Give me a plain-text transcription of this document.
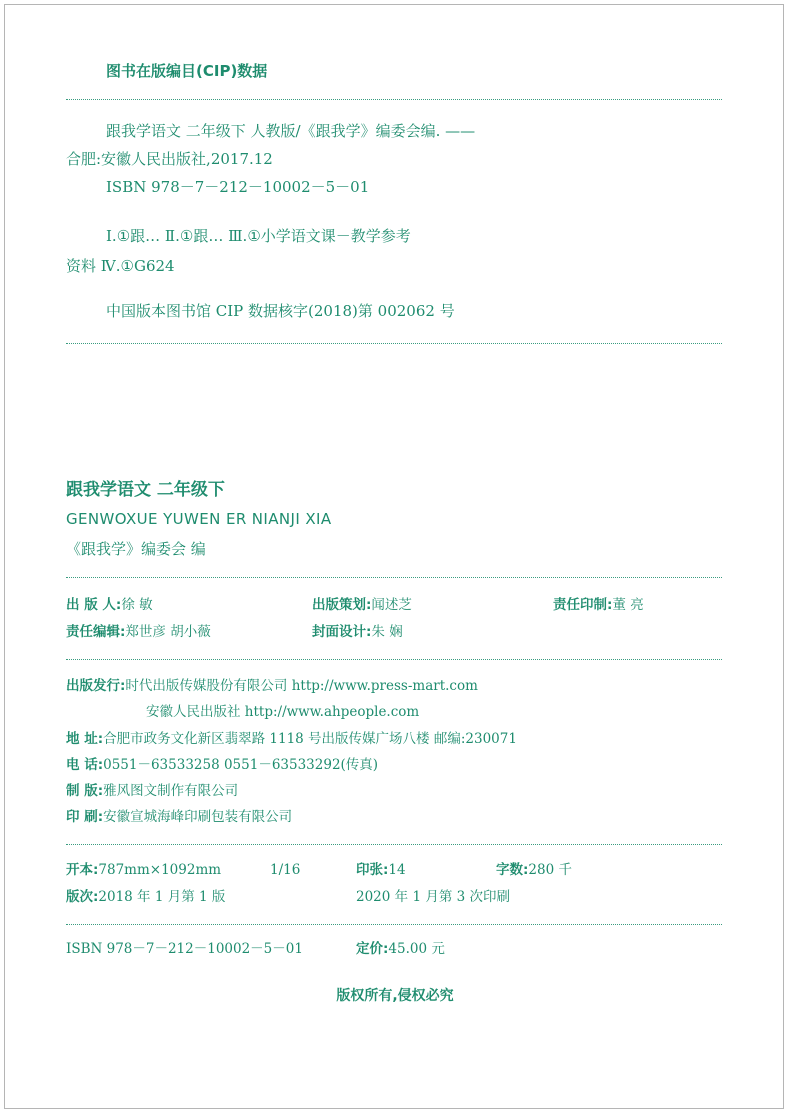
图书在版编目(CIP)数据
跟我学语文 二年级下 人教版/《跟我学》编委会编. ——
合肥:安徽人民出版社,2017.12
ISBN 978－7－212－10002－5－01
Ⅰ.①跟… Ⅱ.①跟… Ⅲ.①小学语文课－教学参考
资料 Ⅳ.①G624
中国版本图书馆 CIP 数据核字(2018)第 002062 号
跟我学语文 二年级下
GENWOXUE YUWEN ER NIANJI XIA
《跟我学》编委会 编
出 版 人:徐 敏	出版策划:闻述芝	责任印制:董 亮
责任编辑:郑世彦 胡小薇	封面设计:朱 娴
出版发行:时代出版传媒股份有限公司 http://www.press-mart.com
安徽人民出版社 http://www.ahpeople.com
地 址:合肥市政务文化新区翡翠路 1118 号出版传媒广场八楼 邮编:230071
电 话:0551－63533258 0551－63533292(传真)
制 版:雅风图文制作有限公司
印 刷:安徽宣城海峰印刷包装有限公司
开本:787mm×1092mm	1/16	印张:14	字数:280 千
版次:2018 年 1 月第 1 版	2020 年 1 月第 3 次印刷
ISBN 978－7－212－10002－5－01	定价:45.00 元
版权所有,侵权必究
